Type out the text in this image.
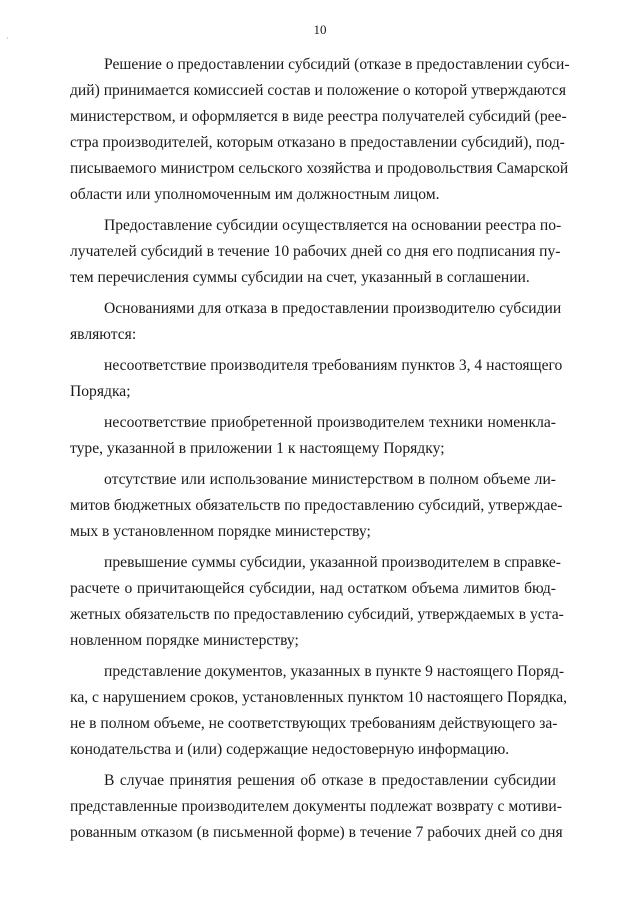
10
·
Решение о предоставлении субсидий (отказе в предоставлении субси-
дий) принимается комиссией состав и положение о которой утверждаются
министерством, и оформляется в виде реестра получателей субсидий (рее-
стра производителей, которым отказано в предоставлении субсидий), под-
писываемого министром сельского хозяйства и продовольствия Самарской
области или уполномоченным им должностным лицом.
Предоставление субсидии осуществляется на основании реестра по-
лучателей субсидий в течение 10 рабочих дней со дня его подписания пу-
тем перечисления суммы субсидии на счет, указанный в соглашении.
Основаниями для отказа в предоставлении производителю субсидии
являются:
несоответствие производителя требованиям пунктов 3, 4 настоящего
Порядка;
несоответствие приобретенной производителем техники номенкла-
туре, указанной в приложении 1 к настоящему Порядку;
отсутствие или использование министерством в полном объеме ли-
митов бюджетных обязательств по предоставлению субсидий, утверждае-
мых в установленном порядке министерству;
превышение суммы субсидии, указанной производителем в справке-
расчете о причитающейся субсидии, над остатком объема лимитов бюд-
жетных обязательств по предоставлению субсидий, утверждаемых в уста-
новленном порядке министерству;
представление документов, указанных в пункте 9 настоящего Поряд-
ка, с нарушением сроков, установленных пунктом 10 настоящего Порядка,
не в полном объеме, не соответствующих требованиям действующего за-
конодательства и (или) содержащие недостоверную информацию.
В случае принятия решения об отказе в предоставлении субсидии
представленные производителем документы подлежат возврату с мотиви-
рованным отказом (в письменной форме) в течение 7 рабочих дней со дня
